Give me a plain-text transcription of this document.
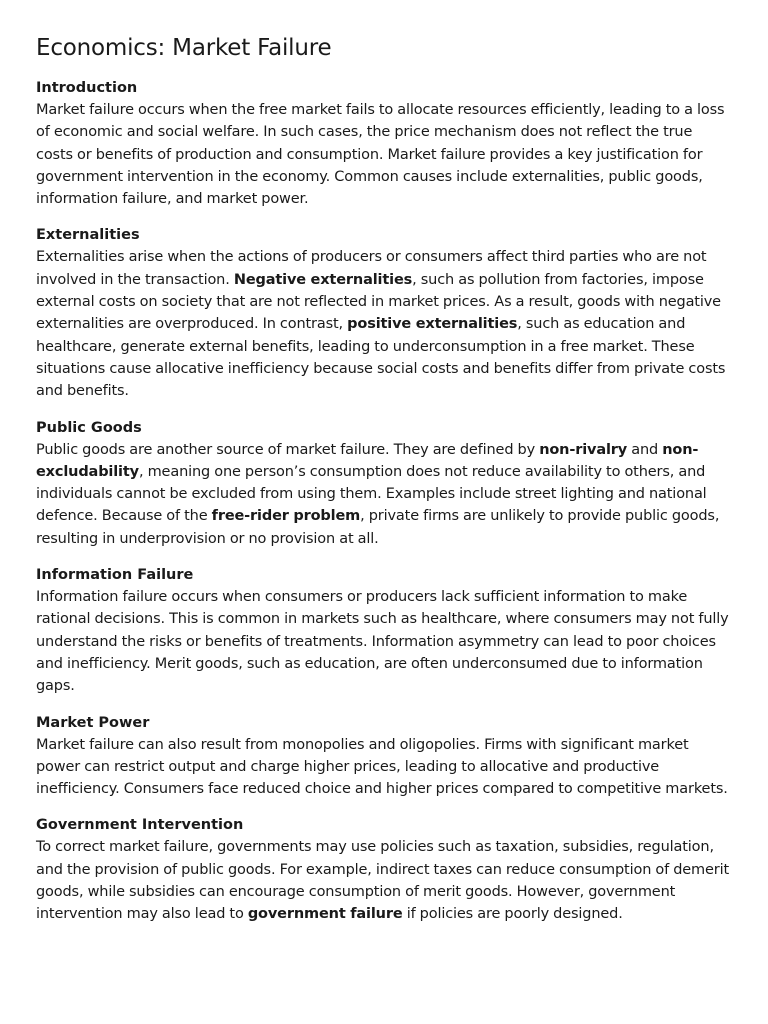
Economics: Market Failure
Introduction

Market failure occurs when the free market fails to allocate resources efficiently, leading to a loss of economic and social welfare. In such cases, the price mechanism does not reflect the true costs or benefits of production and consumption. Market failure provides a key justification for government intervention in the economy. Common causes include externalities, public goods, information failure, and market power.

Externalities

Externalities arise when the actions of producers or consumers affect third parties who are not involved in the transaction. Negative externalities, such as pollution from factories, impose external costs on society that are not reflected in market prices. As a result, goods with negative externalities are overproduced. In contrast, positive externalities, such as education and healthcare, generate external benefits, leading to underconsumption in a free market. These situations cause allocative inefficiency because social costs and benefits differ from private costs and benefits.

Public Goods

Public goods are another source of market failure. They are defined by non-rivalry and non-excludability, meaning one person’s consumption does not reduce availability to others, and individuals cannot be excluded from using them. Examples include street lighting and national defence. Because of the free-rider problem, private firms are unlikely to provide public goods, resulting in underprovision or no provision at all.

Information Failure

Information failure occurs when consumers or producers lack sufficient information to make rational decisions. This is common in markets such as healthcare, where consumers may not fully understand the risks or benefits of treatments. Information asymmetry can lead to poor choices and inefficiency. Merit goods, such as education, are often underconsumed due to information gaps.

Market Power

Market failure can also result from monopolies and oligopolies. Firms with significant market power can restrict output and charge higher prices, leading to allocative and productive inefficiency. Consumers face reduced choice and higher prices compared to competitive markets.

Government Intervention

To correct market failure, governments may use policies such as taxation, subsidies, regulation, and the provision of public goods. For example, indirect taxes can reduce consumption of demerit goods, while subsidies can encourage consumption of merit goods. However, government intervention may also lead to government failure if policies are poorly designed.
